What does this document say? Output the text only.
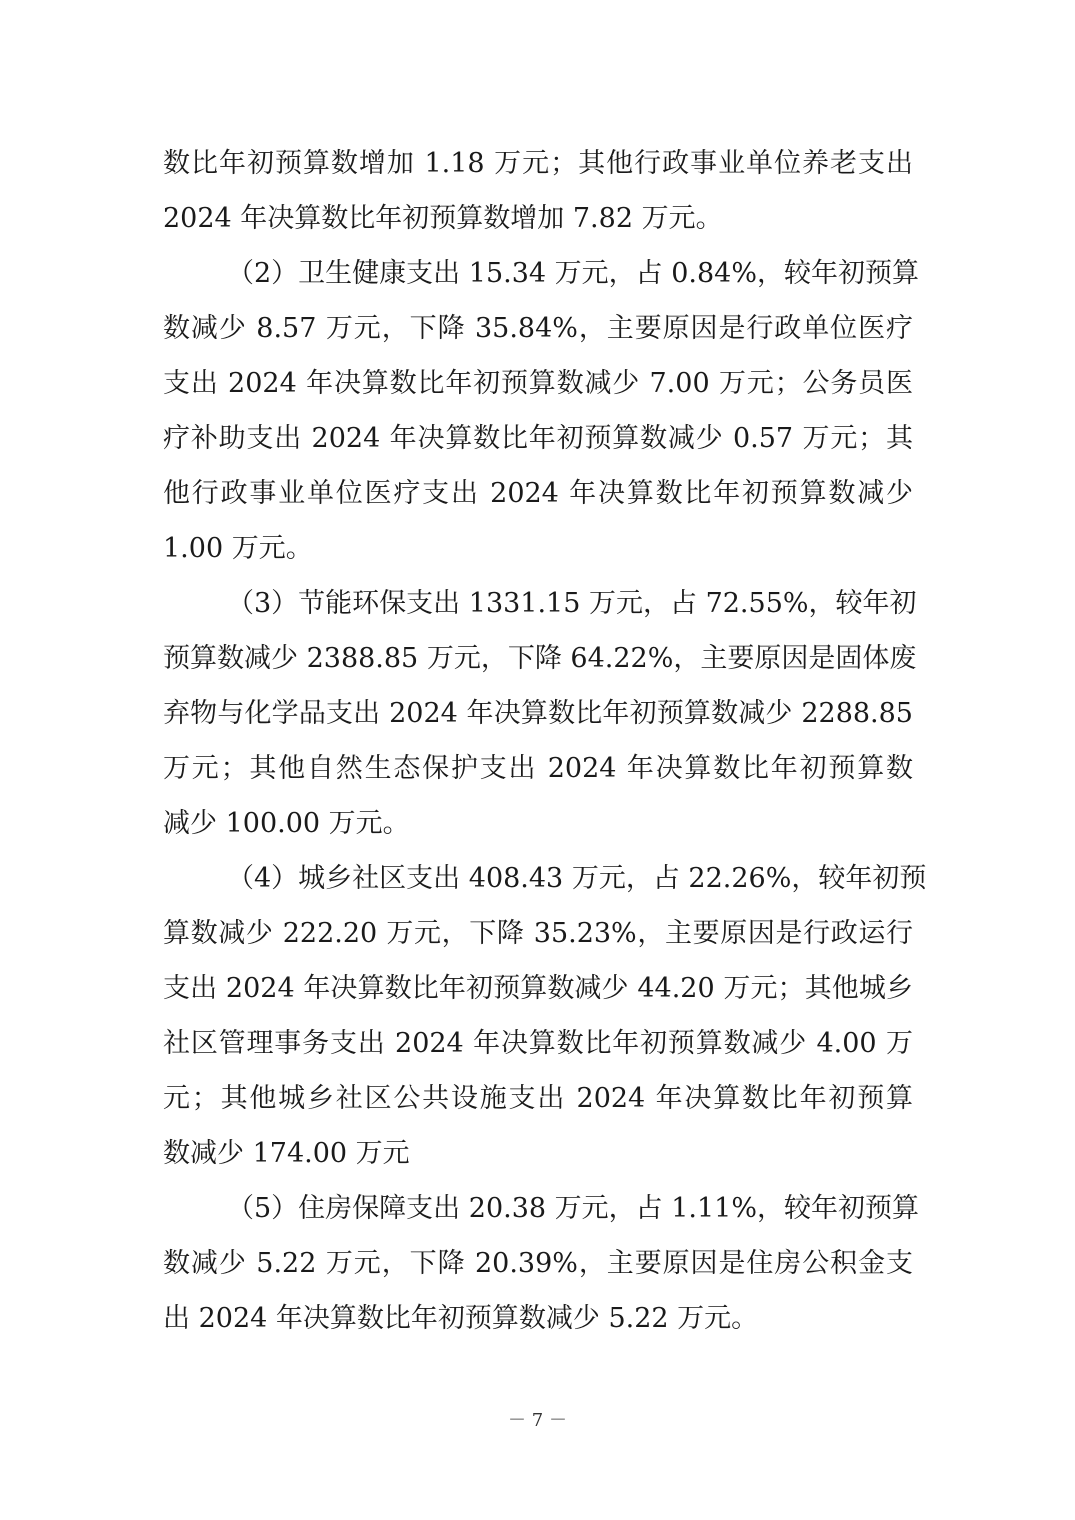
数比年初预算数增加 1.18 万元；其他行政事业单位养老支出
2024 年决算数比年初预算数增加 7.82 万元。
（2）卫生健康支出 15.34 万元，占 0.84%，较年初预算
数减少 8.57 万元，下降 35.84%，主要原因是行政单位医疗
支出 2024 年决算数比年初预算数减少 7.00 万元；公务员医
疗补助支出 2024 年决算数比年初预算数减少 0.57 万元；其
他行政事业单位医疗支出 2024 年决算数比年初预算数减少
1.00 万元。
（3）节能环保支出 1331.15 万元，占 72.55%，较年初
预算数减少 2388.85 万元，下降 64.22%，主要原因是固体废
弃物与化学品支出 2024 年决算数比年初预算数减少 2288.85
万元；其他自然生态保护支出 2024 年决算数比年初预算数
减少 100.00 万元。
（4）城乡社区支出 408.43 万元，占 22.26%，较年初预
算数减少 222.20 万元，下降 35.23%，主要原因是行政运行
支出 2024 年决算数比年初预算数减少 44.20 万元；其他城乡
社区管理事务支出 2024 年决算数比年初预算数减少 4.00 万
元；其他城乡社区公共设施支出 2024 年决算数比年初预算
数减少 174.00 万元
（5）住房保障支出 20.38 万元，占 1.11%，较年初预算
数减少 5.22 万元，下降 20.39%，主要原因是住房公积金支
出 2024 年决算数比年初预算数减少 5.22 万元。
－ 7 －
